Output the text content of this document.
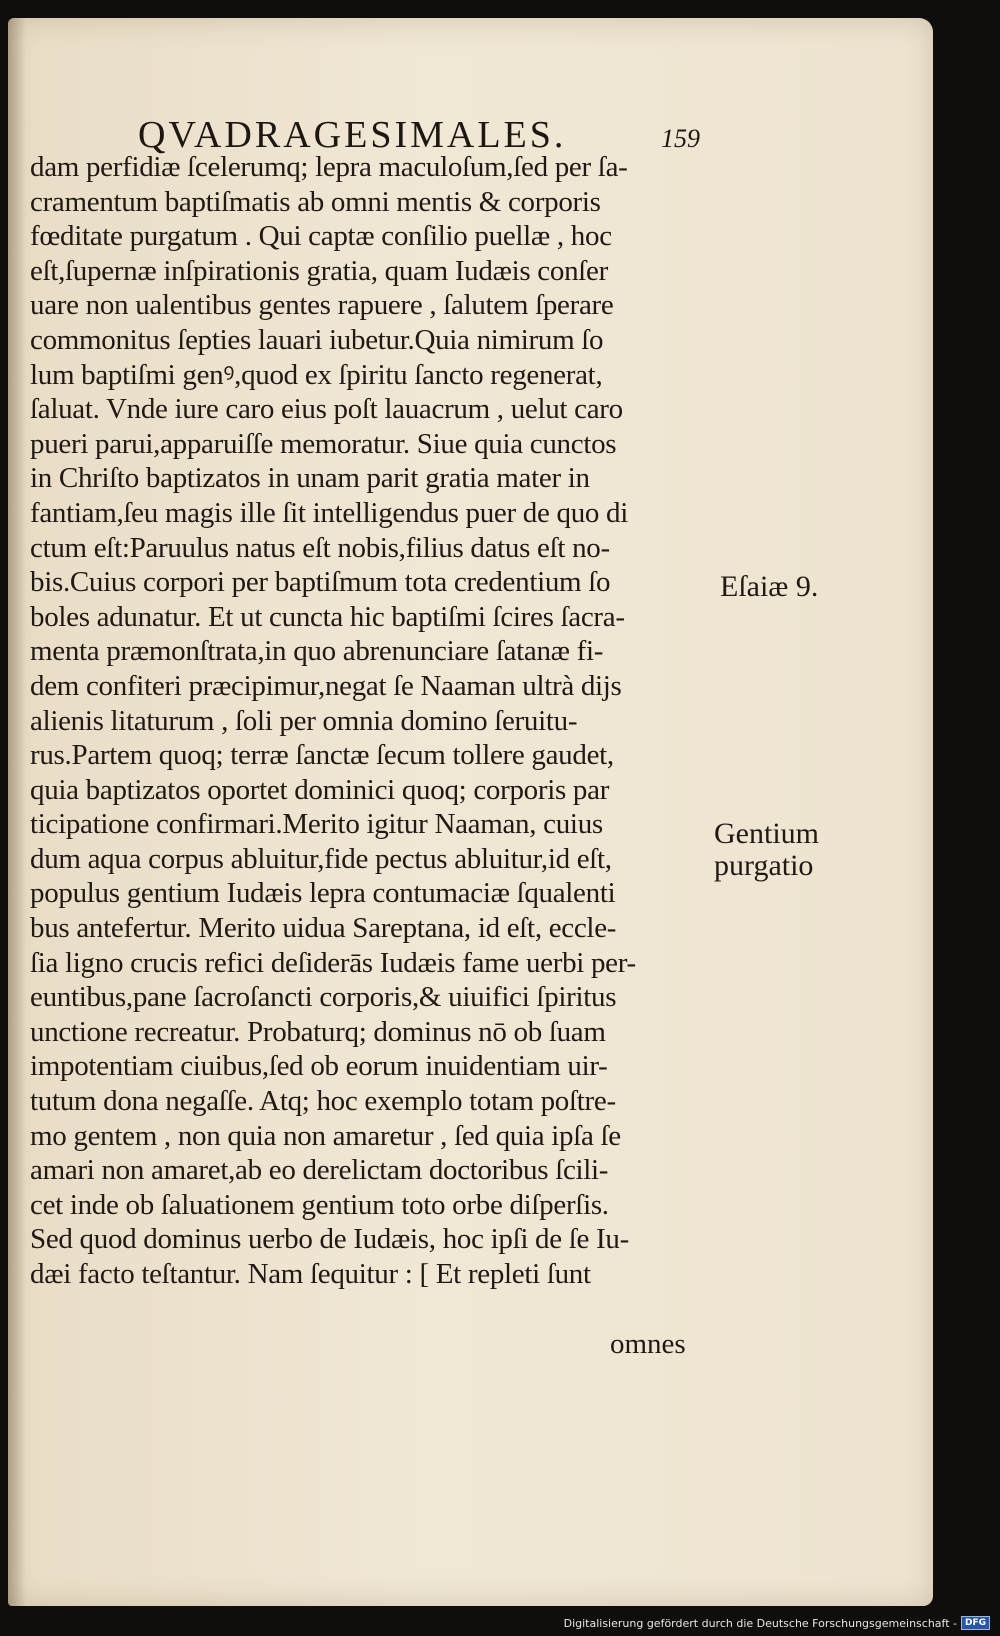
QVADRAGESIMALES.	159
dam perfidiæ ſcelerumq; lepra maculoſum,ſed per ſa-
cramentum baptiſmatis ab omni mentis & corporis
fœditate purgatum . Qui captæ conſilio puellæ , hoc
eſt,ſupernæ inſpirationis gratia, quam Iudæis conſer
uare non ualentibus gentes rapuere , ſalutem ſperare
commonitus ſepties lauari iubetur.Quia nimirum ſo
lum baptiſmi genꝰ,quod ex ſpiritu ſancto regenerat,
ſaluat. Vnde iure caro eius poſt lauacrum , uelut caro
pueri parui,apparuiſſe memoratur. Siue quia cunctos
in Chriſto baptizatos in unam parit gratia mater in
fantiam,ſeu magis ille ſit intelligendus puer de quo di
ctum eſt:Paruulus natus eſt nobis,filius datus eſt no-
bis.Cuius corpori per baptiſmum tota credentium ſo
boles adunatur. Et ut cuncta hic baptiſmi ſcires ſacra-
menta præmonſtrata,in quo abrenunciare ſatanæ fi-
dem confiteri præcipimur,negat ſe Naaman ultrà dijs
alienis litaturum , ſoli per omnia domino ſeruitu-
rus.Partem quoq; terræ ſanctæ ſecum tollere gaudet,
quia baptizatos oportet dominici quoq; corporis par
ticipatione confirmari.Merito igitur Naaman, cuius
dum aqua corpus abluitur,fide pectus abluitur,id eſt,
populus gentium Iudæis lepra contumaciæ ſqualenti
bus antefertur. Merito uidua Sareptana, id eſt, eccle-
ſia ligno crucis refici deſiderās Iudæis fame uerbi per-
euntibus,pane ſacroſancti corporis,& uiuifici ſpiritus
unctione recreatur. Probaturq; dominus nō ob ſuam
impotentiam ciuibus,ſed ob eorum inuidentiam uir-
tutum dona negaſſe. Atq; hoc exemplo totam poſtre-
mo gentem , non quia non amaretur , ſed quia ipſa ſe
amari non amaret,ab eo derelictam doctoribus ſcili-
cet inde ob ſaluationem gentium toto orbe diſperſis.
Sed quod dominus uerbo de Iudæis, hoc ipſi de ſe Iu-
dæi facto teſtantur. Nam ſequitur : [ Et repleti ſunt
omnes
Eſaiæ 9.
Gentium purgatio
Digitalisierung gefördert durch die Deutsche Forschungsgemeinschaft - DFG
